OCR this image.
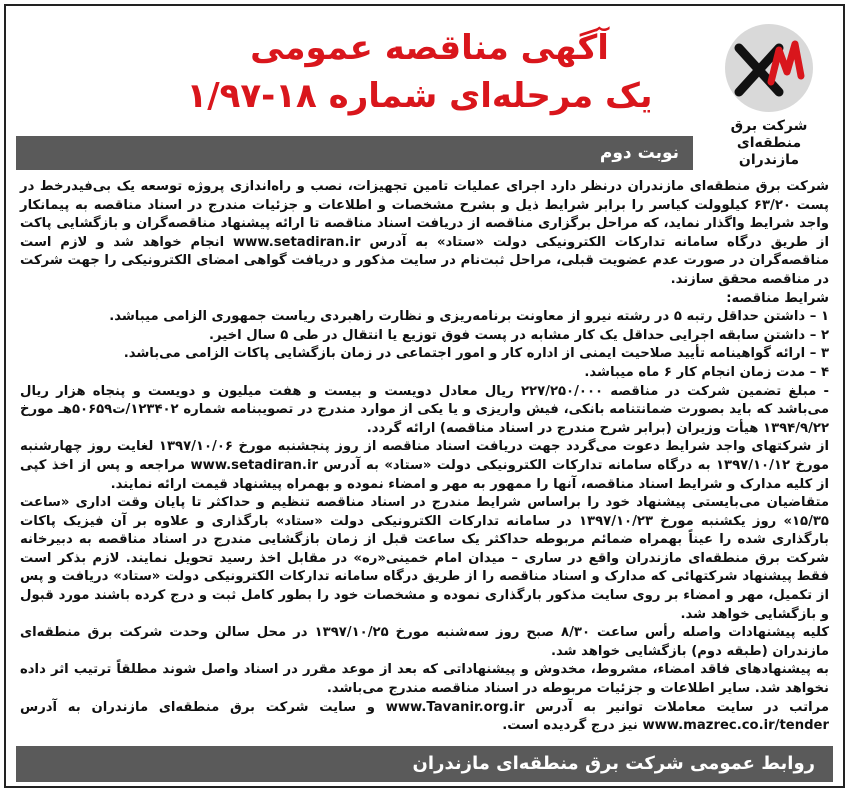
شرکت برق منطقه‌ای مازندران
آگهی مناقصه عمومی
یک مرحله‌ای شماره ۱۸-۱/۹۷
نوبت دوم

شرکت برق منطقه‌ای مازندران درنظر دارد اجرای عملیات تامین تجهیزات، نصب و راه‌اندازی پروژه توسعه یک بی‌فیدرخط در پست ۶۳/۲۰ کیلوولت کیاسر را برابر شرایط ذیل و بشرح مشخصات و اطلاعات و جزئیات مندرج در اسناد مناقصه به پیمانکار واجد شرایط واگذار نماید، که مراحل برگزاری مناقصه از دریافت اسناد مناقصه تا ارائه پیشنهاد مناقصه‌گران و بازگشایی پاکت از طریق درگاه سامانه تدارکات الکترونیکی دولت «ستاد» به آدرس www.setadiran.ir انجام خواهد شد و لازم است مناقصه‌گران در صورت عدم عضویت قبلی، مراحل ثبت‌نام در سایت مذکور و دریافت گواهی امضای الکترونیکی را جهت شرکت در مناقصه محقق سازند.

شرایط مناقصه:

۱ – داشتن حداقل رتبه ۵ در رشته نیرو از معاونت برنامه‌ریزی و نظارت راهبردی ریاست جمهوری الزامی میباشد.

۲ – داشتن سابقه اجرایی حداقل یک کار مشابه در پست فوق توزیع یا انتقال در طی ۵ سال اخیر.

۳ – ارائه گواهینامه تأیید صلاحیت ایمنی از اداره کار و امور اجتماعی در زمان بازگشایی پاکات الزامی می‌باشد.

۴ – مدت زمان انجام کار ۶ ماه میباشد.

- مبلغ تضمین شرکت در مناقصه ۲۲۷/۲۵۰/۰۰۰ ریال معادل دویست و بیست و هفت میلیون و دویست و پنجاه هزار ریال می‌باشد که باید بصورت ضمانتنامه بانکی، فیش واریزی و یا یکی از موارد مندرج در تصویبنامه شماره ۱۲۳۴۰۲/ت۵۰۶۵۹هـ مورخ ۱۳۹۴/۹/۲۲ هیأت وزیران (برابر شرح مندرج در اسناد مناقصه) ارائه گردد.

از شرکتهای واجد شرایط دعوت می‌گردد جهت دریافت اسناد مناقصه از روز پنجشنبه مورخ ۱۳۹۷/۱۰/۰۶ لغایت روز چهارشنبه مورخ ۱۳۹۷/۱۰/۱۲ به درگاه سامانه تدارکات الکترونیکی دولت «ستاد» به آدرس www.setadiran.ir مراجعه و پس از اخذ کپی از کلیه مدارک و شرایط اسناد مناقصه، آنها را ممهور به مهر و امضاء نموده و بهمراه پیشنهاد قیمت ارائه نمایند.

متقاضیان می‌بایستی پیشنهاد خود را براساس شرایط مندرج در اسناد مناقصه تنظیم و حداکثر تا پایان وقت اداری «ساعت ۱۵/۳۵» روز یکشنبه مورخ ۱۳۹۷/۱۰/۲۳ در سامانه تدارکات الکترونیکی دولت «ستاد» بارگذاری و علاوه بر آن فیزیک پاکات بارگذاری شده را عیناً بهمراه ضمائم مربوطه حداکثر یک ساعت قبل از زمان بازگشایی مندرج در اسناد مناقصه به دبیرخانه شرکت برق منطقه‌ای مازندران واقع در ساری – میدان امام خمینی«ره» در مقابل اخذ رسید تحویل نمایند. لازم بذکر است فقط پیشنهاد شرکتهائی که مدارک و اسناد مناقصه را از طریق درگاه سامانه تدارکات الکترونیکی دولت «ستاد» دریافت و پس از تکمیل، مهر و امضاء بر روی سایت مذکور بارگذاری نموده و مشخصات خود را بطور کامل ثبت و درج کرده باشند مورد قبول و بازگشایی خواهد شد.

کلیه پیشنهادات واصله رأس ساعت ۸/۳۰ صبح روز سه‌شنبه مورخ ۱۳۹۷/۱۰/۲۵ در محل سالن وحدت شرکت برق منطقه‌ای مازندران (طبقه دوم) بازگشایی خواهد شد.

به پیشنهادهای فاقد امضاء، مشروط، مخدوش و پیشنهاداتی که بعد از موعد مقرر در اسناد واصل شوند مطلقاً ترتیب اثر داده نخواهد شد. سایر اطلاعات و جزئیات مربوطه در اسناد مناقصه مندرج می‌باشد.

مراتب در سایت معاملات توانیر به آدرس www.Tavanir.org.ir و سایت شرکت برق منطقه‌ای مازندران به آدرس www.mazrec.co.ir/tender نیز درج گردیده است.

روابط عمومی شرکت برق منطقه‌ای مازندران
